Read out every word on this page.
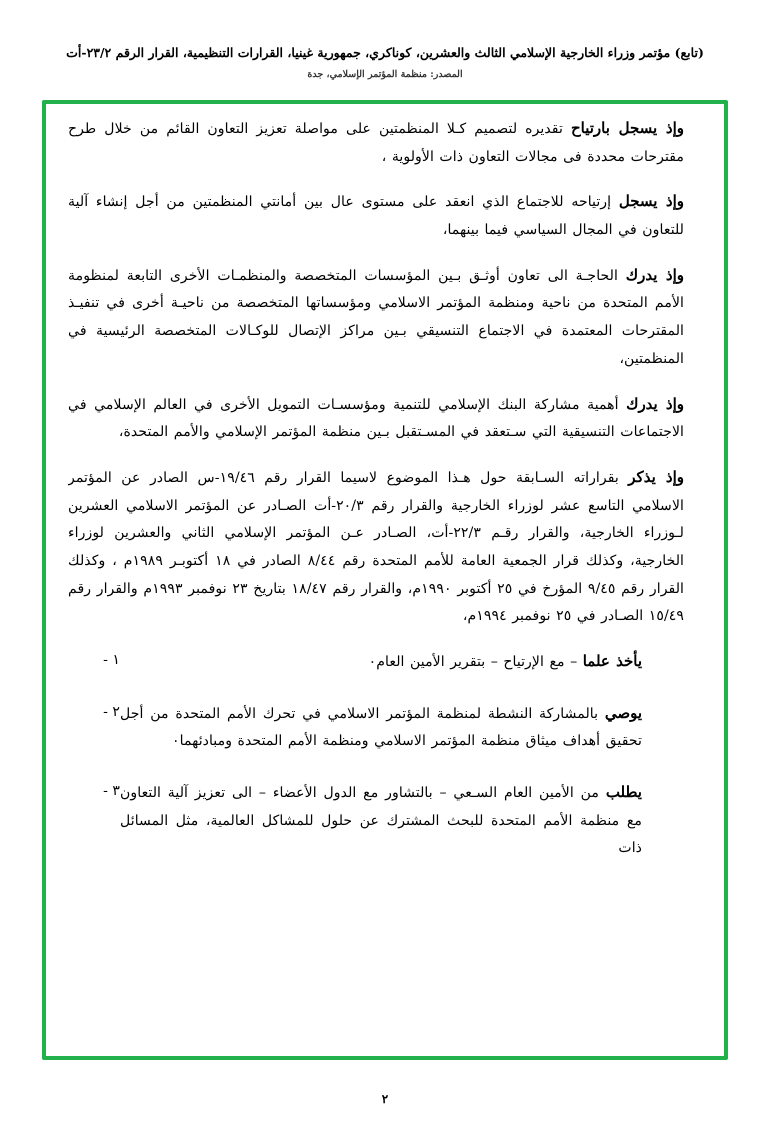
(تابع) مؤتمر وزراء الخارجية الإسلامي الثالث والعشرين، كوناكري، جمهورية غينيا، القرارات التنظيمية، القرار الرقم ٢٣/٢-أت
المصدر: منظمة المؤتمر الإسلامي، جدة

وإذ يسجل بارتياح تقديره لتصميم كـلا المنظمتين على مواصلة تعزيز التعاون القائم من خلال طرح مقترحات محددة فى مجالات التعاون ذات الأولوية ،

وإذ يسجل إرتياحه للاجتماع الذي انعقد على مستوى عال بين أمانتي المنظمتين من أجل إنشاء آلية للتعاون في المجال السياسي فيما بينهما،

وإذ يدرك الحاجـة الى تعاون أوثـق بـين المؤسسات المتخصصة والمنظمـات الأخرى التابعة لمنظومة الأمم المتحدة من ناحية ومنظمة المؤتمر الاسلامي ومؤسساتها المتخصصة من ناحيـة أخرى في تنفيـذ المقترحات المعتمدة في الاجتماع التنسيقي بـين مراكز الإتصال للوكـالات المتخصصة الرئيسية في المنظمتين،

وإذ يدرك أهمية مشاركة البنك الإسلامي للتنمية ومؤسسـات التمويل الأخرى في العالم الإسلامي في الاجتماعات التنسيقية التي سـتعقد في المسـتقبل بـين منظمة المؤتمر الإسلامي والأمم المتحدة،

وإذ يذكر بقراراته السـابقة حول هـذا الموضوع لاسيما القرار رقم ١٩/٤٦-س الصادر عن المؤتمر الاسلامي التاسع عشر لوزراء الخارجية والقرار رقم ٢٠/٣-أت الصـادر عن المؤتمر الاسلامي العشرين لـوزراء الخارجية، والقرار رقـم ٢٢/٣-أت، الصـادر عـن المؤتمر الإسلامي الثاني والعشرين لوزراء الخارجية، وكذلك قرار الجمعية العامة للأمم المتحدة رقم ٨/٤٤ الصادر في ١٨ أكتوبـر ١٩٨٩م ، وكذلك القرار رقم ٩/٤٥ المؤرخ في ٢٥ أكتوبر ١٩٩٠م، والقرار رقم ١٨/٤٧ بتاريخ ٢٣ نوفمبر ١٩٩٣م والقرار رقم ١٥/٤٩ الصـادر في ٢٥ نوفمبر ١٩٩٤م،

١ -	يأخذ علما – مع الإرتياح – بتقرير الأمين العام٠
٢ -	يوصي بالمشاركة النشطة لمنظمة المؤتمر الاسلامي في تحرك الأمم المتحدة من أجل تحقيق أهداف ميثاق منظمة المؤتمر الاسلامي ومنظمة الأمم المتحدة ومبادئهما٠
٣ -	يطلب من الأمين العام السـعي – بالتشاور مع الدول الأعضاء – الى تعزيز آلية التعاون مع منظمة الأمم المتحدة للبحث المشترك عن حلول للمشاكل العالمية، مثل المسائل ذات
٢
